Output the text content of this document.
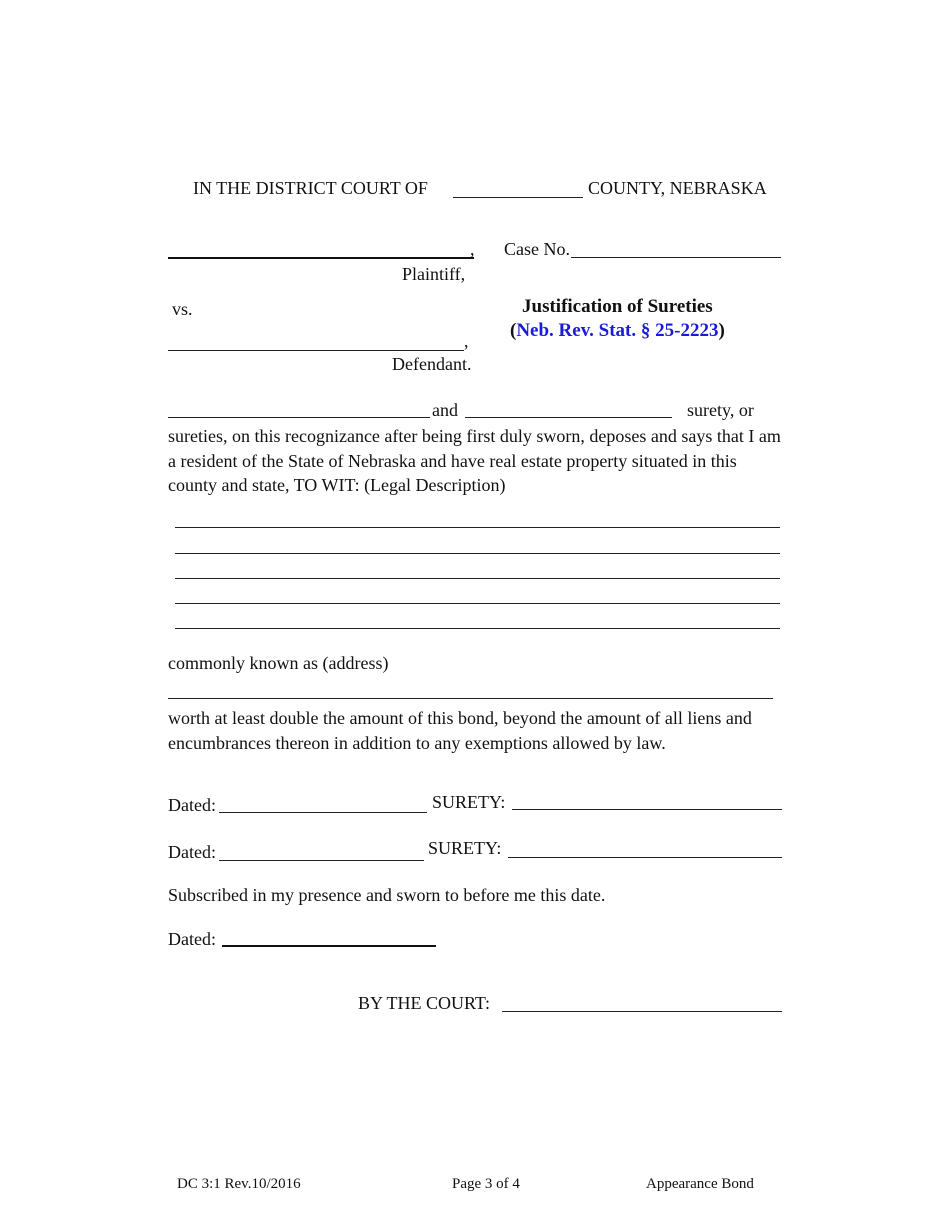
IN THE DISTRICT COURT OF	COUNTY, NEBRASKA
,
Plaintiff,
Case No.
vs.	Justification of Sureties
(Neb. Rev. Stat. § 25-2223)
,
Defendant.
and	surety, or
sureties, on this recognizance after being first duly sworn, deposes and says that I am a resident of the State of Nebraska and have real estate property situated in this county and state, TO WIT: (Legal Description)
commonly known as (address)
worth at least double the amount of this bond, beyond the amount of all liens and encumbrances thereon in addition to any exemptions allowed by law.
Dated:	SURETY:
Dated:	SURETY:
Subscribed in my presence and sworn to before me this date.
Dated:
BY THE COURT:
DC 3:1 Rev.10/2016	Page 3 of 4	Appearance Bond
